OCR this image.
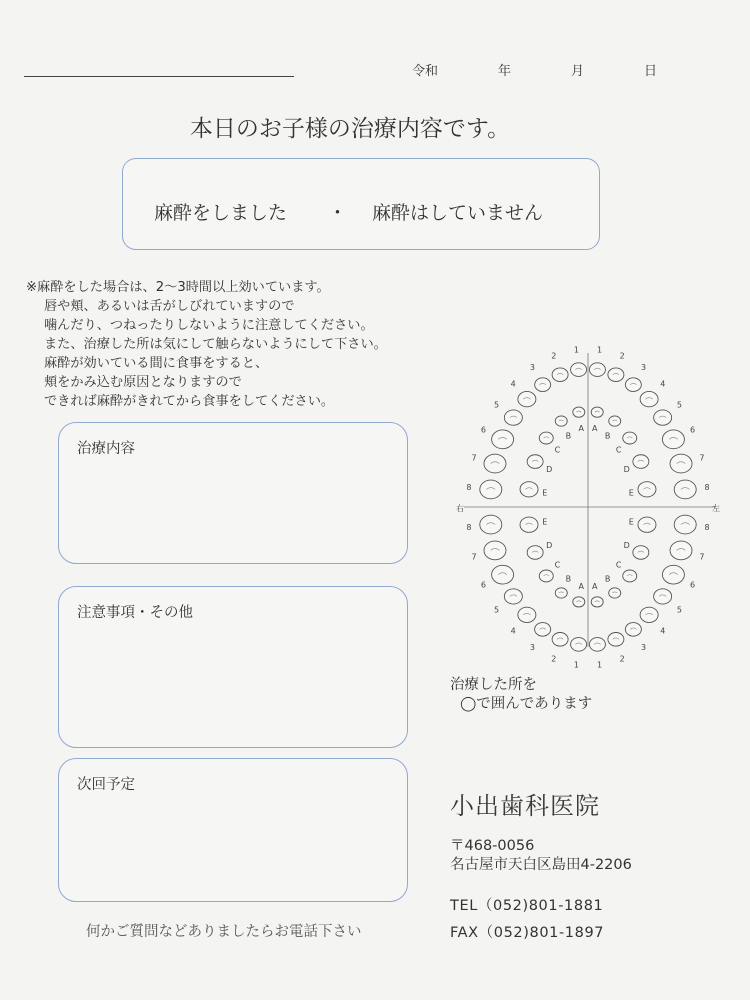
令和	年	月	日
本日のお子様の治療内容です。
麻酔をしました ・ 麻酔はしていません
※麻酔をした場合は、2～3時間以上効いています。
唇や頬、あるいは舌がしびれていますので
噛んだり、つねったりしないように注意してください。
また、治療した所は気にして触らないようにして下さい。
麻酔が効いている間に食事をすると、
頬をかみ込む原因となりますので
できれば麻酔がきれてから食事をしてください。
治療内容
注意事項・その他
次回予定
1
2
3
4
5
6
7
8
1
2
3
4
5
6
7
8
1
2
3
4
5
6
7
8
1
2
3
4
5
6
7
8
A
B
C
D
E
A
B
C
D
E
A
B
C
D
E
A
B
C
D
E
右	左
治療した所を
◯で囲んであります
小出歯科医院
〒468-0056
名古屋市天白区島田4-2206
TEL（052)801-1881
FAX（052)801-1897
何かご質問などありましたらお電話下さい
